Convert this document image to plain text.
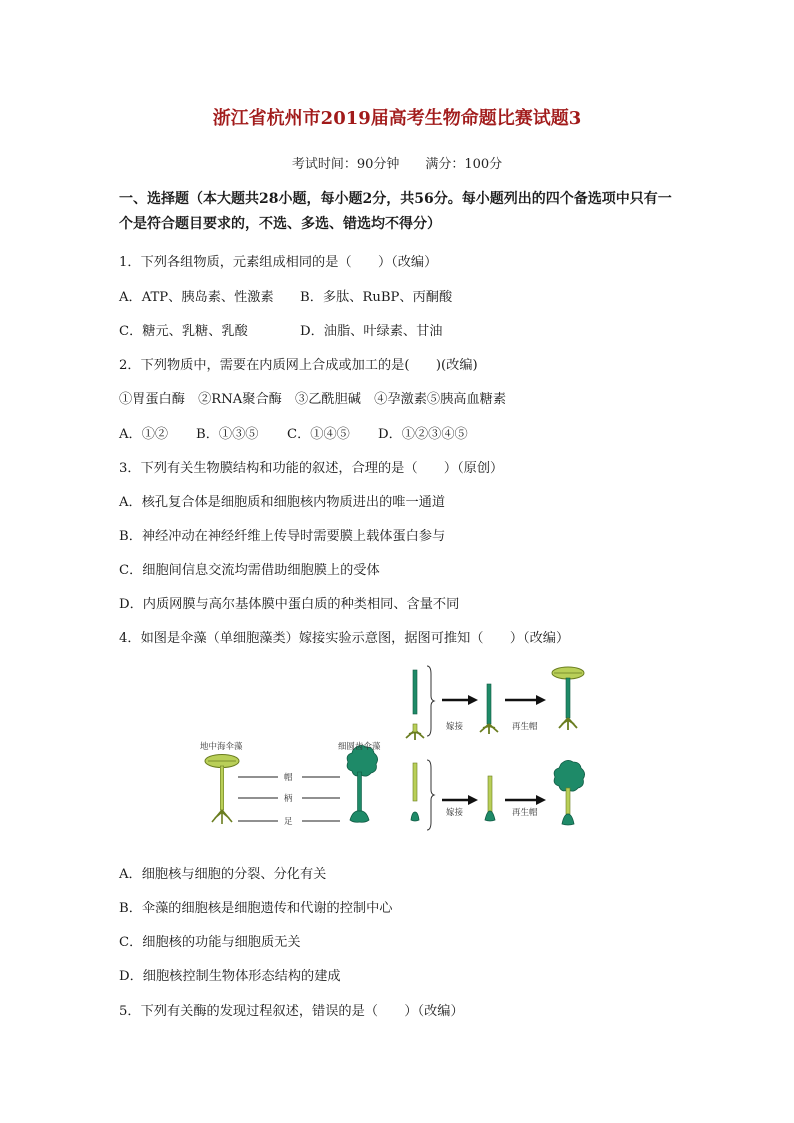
浙江省杭州市2019届高考生物命题比赛试题3
考试时间：90分钟 满分：100分
一、选择题（本大题共28小题，每小题2分，共56分。每小题列出的四个备选项中只有一个是符合题目要求的，不选、多选、错选均不得分）
1．下列各组物质，元素组成相同的是（　　）（改编）
A．ATP、胰岛素、性激素 B．多肽、RuBP、丙酮酸
C．糖元、乳糖、乳酸	D．油脂、叶绿素、甘油
2．下列物质中，需要在内质网上合成或加工的是(　　)(改编)
①胃蛋白酶　②RNA聚合酶　③乙酰胆碱　④孕激素⑤胰高血糖素
A．①② B．①③⑤ C．①④⑤ D．①②③④⑤
3．下列有关生物膜结构和功能的叙述，合理的是（　　）（原创）
A．核孔复合体是细胞质和细胞核内物质进出的唯一通道
B．神经冲动在神经纤维上传导时需要膜上载体蛋白参与
C．细胞间信息交流均需借助细胞膜上的受体
D．内质网膜与高尔基体膜中蛋白质的种类相同、含量不同
4．如图是伞藻（单细胞藻类）嫁接实验示意图，据图可推知（　　）（改编）
地中海伞藻	细圆齿伞藻
帽
柄
足
嫁接	再生帽
嫁接	再生帽
A．细胞核与细胞的分裂、分化有关
B．伞藻的细胞核是细胞遗传和代谢的控制中心
C．细胞核的功能与细胞质无关
D．细胞核控制生物体形态结构的建成
5．下列有关酶的发现过程叙述，错误的是（　　）（改编）
